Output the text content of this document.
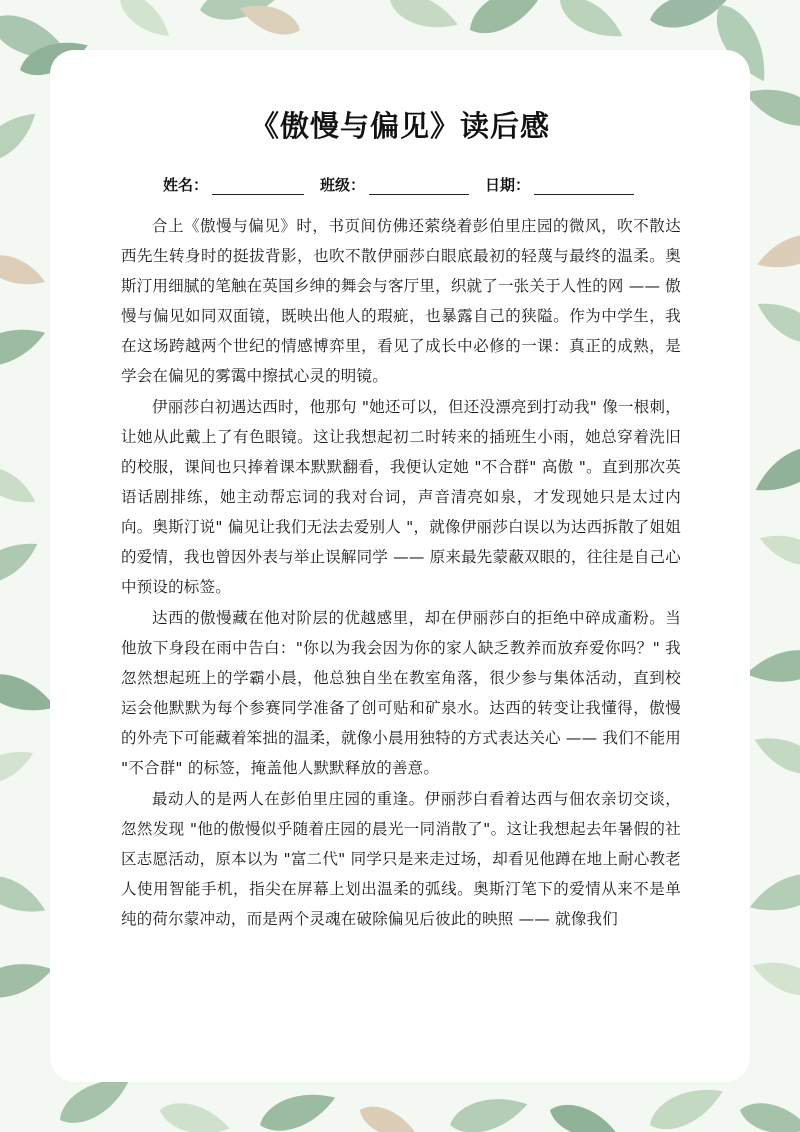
《傲慢与偏见》读后感
姓名：	班级：	日期：

合上《傲慢与偏见》时，书页间仿佛还萦绕着彭伯里庄园的微风，吹不散达西先生转身时的挺拔背影，也吹不散伊丽莎白眼底最初的轻蔑与最终的温柔。奥斯汀用细腻的笔触在英国乡绅的舞会与客厅里，织就了一张关于人性的网 —— 傲慢与偏见如同双面镜，既映出他人的瑕疵，也暴露自己的狭隘。作为中学生，我在这场跨越两个世纪的情感博弈里，看见了成长中必修的一课：真正的成熟，是学会在偏见的雾霭中擦拭心灵的明镜。

伊丽莎白初遇达西时，他那句 "她还可以，但还没漂亮到打动我" 像一根刺，让她从此戴上了有色眼镜。这让我想起初二时转来的插班生小雨，她总穿着洗旧的校服，课间也只捧着课本默默翻看，我便认定她 "不合群" 高傲 "。直到那次英语话剧排练，她主动帮忘词的我对台词，声音清亮如泉，才发现她只是太过内向。奥斯汀说" 偏见让我们无法去爱别人 "，就像伊丽莎白误以为达西拆散了姐姐的爱情，我也曾因外表与举止误解同学 —— 原来最先蒙蔽双眼的，往往是自己心中预设的标签。

达西的傲慢藏在他对阶层的优越感里，却在伊丽莎白的拒绝中碎成齑粉。当他放下身段在雨中告白："你以为我会因为你的家人缺乏教养而放弃爱你吗？" 我忽然想起班上的学霸小晨，他总独自坐在教室角落，很少参与集体活动，直到校运会他默默为每个参赛同学准备了创可贴和矿泉水。达西的转变让我懂得，傲慢的外壳下可能藏着笨拙的温柔，就像小晨用独特的方式表达关心 —— 我们不能用 "不合群" 的标签，掩盖他人默默释放的善意。

最动人的是两人在彭伯里庄园的重逢。伊丽莎白看着达西与佃农亲切交谈，忽然发现 "他的傲慢似乎随着庄园的晨光一同消散了"。这让我想起去年暑假的社区志愿活动，原本以为 "富二代" 同学只是来走过场，却看见他蹲在地上耐心教老人使用智能手机，指尖在屏幕上划出温柔的弧线。奥斯汀笔下的爱情从来不是单纯的荷尔蒙冲动，而是两个灵魂在破除偏见后彼此的映照 —— 就像我们
